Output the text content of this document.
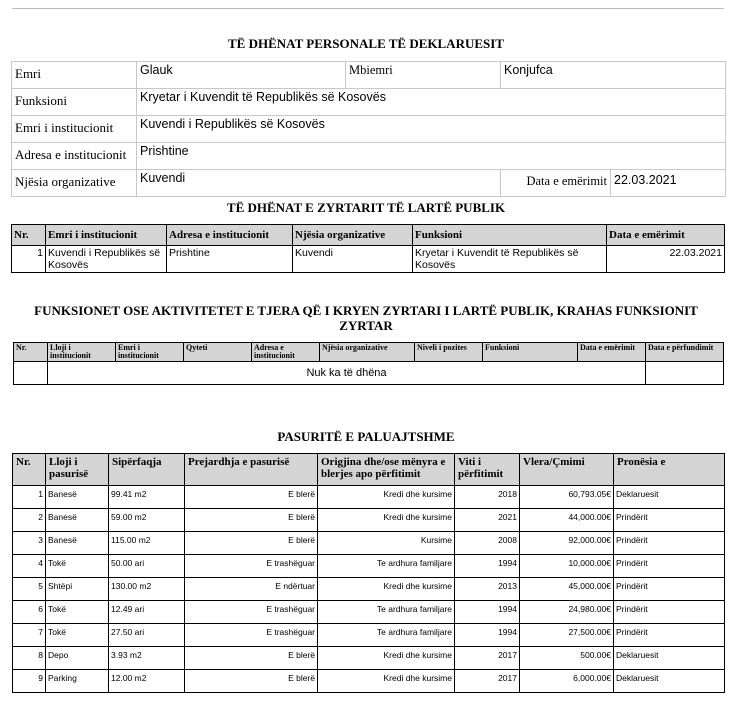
TË DHËNAT PERSONALE TË DEKLARUESIT
Emri	Glauk	Mbiemri	Konjufca	
Funksioni	Kryetar i Kuvendit të Republikës së Kosovës			
Emri i institucionit	Kuvendi i Republikës së Kosovës			
Adresa e institucionit	Prishtine			
Njësia organizative	Kuvendi		Data e emërimit	22.03.2021
TË DHËNAT E ZYRTARIT TË LARTË PUBLIK
Nr.	Emri i institucionit	Adresa e institucionit	Njësia organizative	Funksioni	Data e emërimit
1	Kuvendi i Republikës së Kosovës	Prishtine	Kuvendi	Kryetar i Kuvendit të Republikës së Kosovës	22.03.2021
FUNKSIONET OSE AKTIVITETET E TJERA QË I KRYEN ZYRTARI I LARTË PUBLIK, KRAHAS FUNKSIONIT ZYRTAR
Nr.	Lloji i institucionit	Emri i institucionit	Qyteti	Adresa e institucionit	Njësia organizative	Niveli i pozites	Funksioni	Data e emërimit	Data e përfundimit
	Nuk ka të dhëna								
PASURITË E PALUAJTSHME
Nr.	Lloji i pasurisë	Sipërfaqja	Prejardhja e pasurisë	Origjina dhe/ose mënyra e blerjes apo përfitimit	Viti i përfitimit	Vlera/Çmimi	Pronësia e
1	Banesë	99.41 m2	E blerë	Kredi dhe kursime	2018	60,793.05€	Deklaruesit
2	Banesë	59.00 m2	E blerë	Kredi dhe kursime	2021	44,000.00€	Prindërit
3	Banesë	115.00 m2	E blerë	Kursime	2008	92,000.00€	Prindërit
4	Tokë	50.00 ari	E trashëguar	Te ardhura familjare	1994	10,000.00€	Prindërit
5	Shtëpi	130.00 m2	E ndërtuar	Kredi dhe kursime	2013	45,000.00€	Prindërit
6	Tokë	12.49 ari	E trashëguar	Te ardhura familjare	1994	24,980.00€	Prindërit
7	Tokë	27.50 ari	E trashëguar	Te ardhura familjare	1994	27,500.00€	Prindërit
8	Depo	3.93 m2	E blerë	Kredi dhe kursime	2017	500.00€	Deklaruesit
9	Parking	12.00 m2	E blerë	Kredi dhe kursime	2017	6,000.00€	Deklaruesit
